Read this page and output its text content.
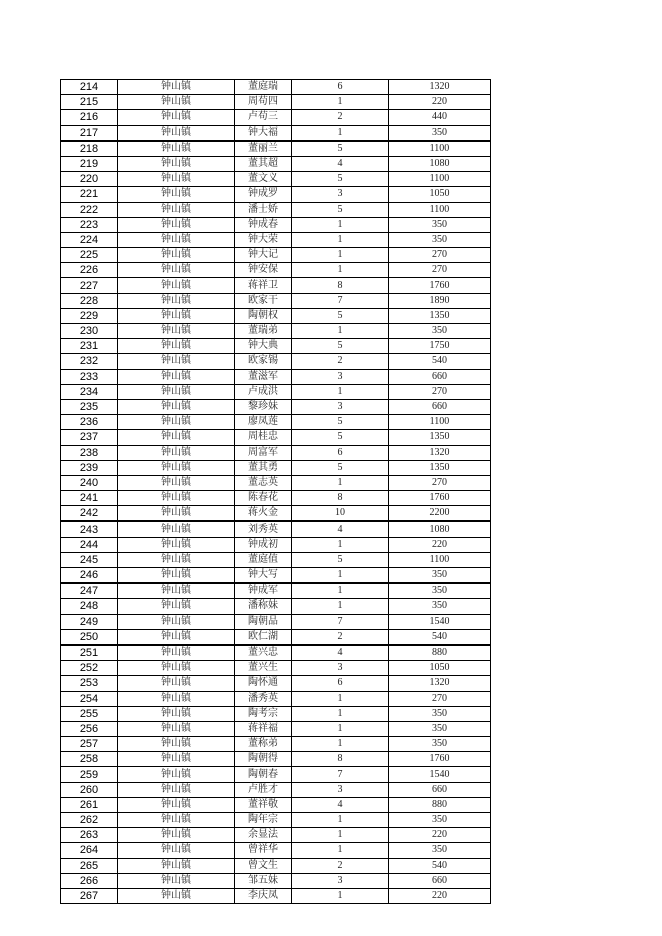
214	钟山镇	董庭瑞	6	1320
215	钟山镇	周苟四	1	220
216	钟山镇	卢苟三	2	440
217	钟山镇	钟大福	1	350
218	钟山镇	董丽兰	5	1100
219	钟山镇	董其超	4	1080
220	钟山镇	董文义	5	1100
221	钟山镇	钟成罗	3	1050
222	钟山镇	潘士娇	5	1100
223	钟山镇	钟成春	1	350
224	钟山镇	钟大荣	1	350
225	钟山镇	钟大记	1	270
226	钟山镇	钟安保	1	270
227	钟山镇	蒋祥卫	8	1760
228	钟山镇	欧家干	7	1890
229	钟山镇	陶朝权	5	1350
230	钟山镇	董瑞弟	1	350
231	钟山镇	钟大典	5	1750
232	钟山镇	欧家锡	2	540
233	钟山镇	董滋军	3	660
234	钟山镇	卢成洪	1	270
235	钟山镇	黎珍妹	3	660
236	钟山镇	廖凤莲	5	1100
237	钟山镇	周桂忠	5	1350
238	钟山镇	周富军	6	1320
239	钟山镇	董其勇	5	1350
240	钟山镇	董志英	1	270
241	钟山镇	陈春花	8	1760
242	钟山镇	蒋火金	10	2200
243	钟山镇	刘秀英	4	1080
244	钟山镇	钟成初	1	220
245	钟山镇	董庭值	5	1100
246	钟山镇	钟大写	1	350
247	钟山镇	钟成军	1	350
248	钟山镇	潘称妹	1	350
249	钟山镇	陶朝品	7	1540
250	钟山镇	欧仁湖	2	540
251	钟山镇	董兴忠	4	880
252	钟山镇	董兴生	3	1050
253	钟山镇	陶怀通	6	1320
254	钟山镇	潘秀英	1	270
255	钟山镇	陶考宗	1	350
256	钟山镇	蒋祥福	1	350
257	钟山镇	董称弟	1	350
258	钟山镇	陶朝得	8	1760
259	钟山镇	陶朝春	7	1540
260	钟山镇	卢胜才	3	660
261	钟山镇	董祥敬	4	880
262	钟山镇	陶年宗	1	350
263	钟山镇	余显法	1	220
264	钟山镇	曾祥华	1	350
265	钟山镇	曾文生	2	540
266	钟山镇	邹五妹	3	660
267	钟山镇	李庆凤	1	220
